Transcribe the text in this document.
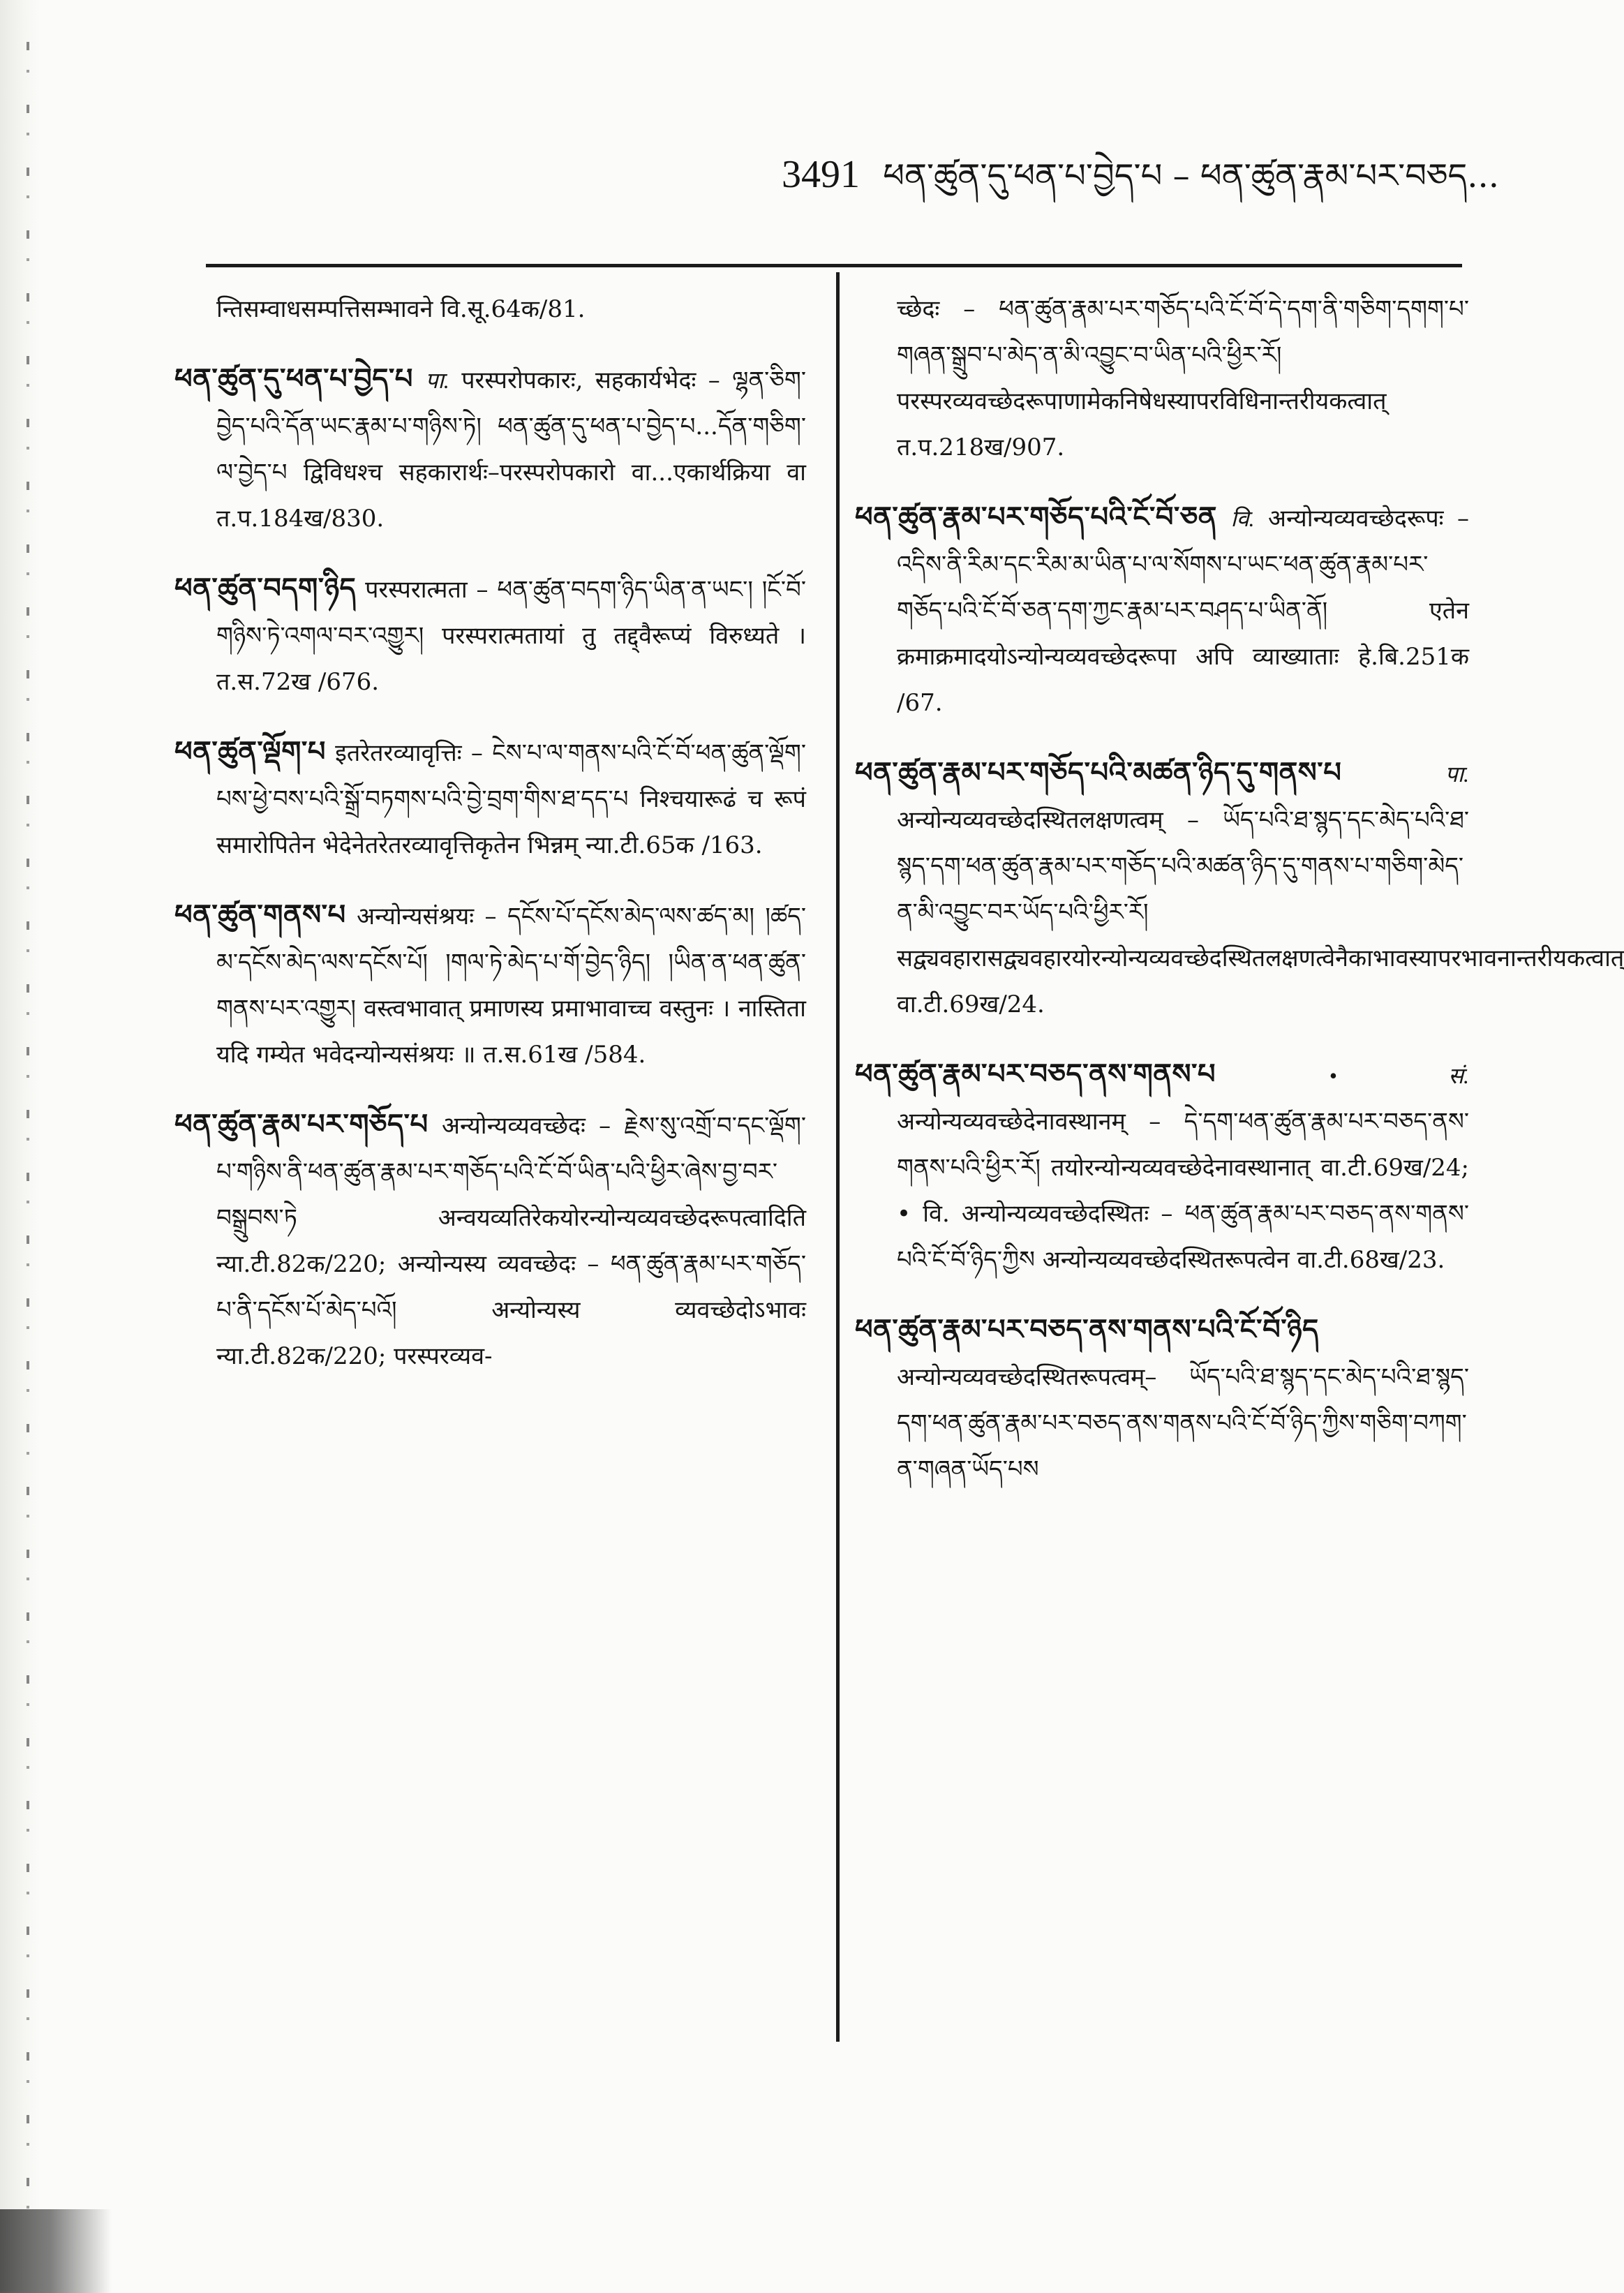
3491 ཕན་ཚུན་དུ་ཕན་པ་བྱེད་པ – ཕན་ཚུན་རྣམ་པར་བཅད...

न्तिसम्वाधसम्पत्तिसम्भावने वि.सू.64क/81.

ཕན་ཚུན་དུ་ཕན་པ་བྱེད་པ पा. परस्परोपकारः, सहकार्यभेदः – ལྷན་ཅིག་བྱེད་པའི་དོན་ཡང་རྣམ་པ་གཉིས་ཏེ། ཕན་ཚུན་དུ་ཕན་པ་བྱེད་པ...དོན་གཅིག་ལ་བྱེད་པ द्विविधश्च सहकारार्थः–परस्परोपकारो वा...एकार्थक्रिया वा त.प.184ख/830.

ཕན་ཚུན་བདག་ཉིད परस्परात्मता – ཕན་ཚུན་བདག་ཉིད་ཡིན་ན་ཡང་། །ངོ་བོ་གཉིས་ཏེ་འགལ་བར་འགྱུར། परस्परात्मतायां तु तद्द्वैरूप्यं विरुध्यते । त.स.72ख /676.

ཕན་ཚུན་ལྡོག་པ इतरेतरव्यावृत्तिः – ངེས་པ་ལ་གནས་པའི་ངོ་བོ་ཕན་ཚུན་ལྡོག་པས་ཕྱེ་བས་པའི་སྒྲོ་བཏགས་པའི་བྱེ་བྲག་གིས་ཐ་དད་པ निश्चयारूढं च रूपं समारोपितेन भेदेनेतरेतरव्यावृत्तिकृतेन भिन्नम् न्या.टी.65क /163.

ཕན་ཚུན་གནས་པ अन्योन्यसंश्रयः – དངོས་པོ་དངོས་མེད་ལས་ཚད་མ། །ཚད་མ་དངོས་མེད་ལས་དངོས་པོ། །གལ་ཏེ་མེད་པ་གོ་བྱེད་ཉིད། །ཡིན་ན་ཕན་ཚུན་གནས་པར་འགྱུར། वस्त्वभावात् प्रमाणस्य प्रमाभावाच्च वस्तुनः । नास्तिता यदि गम्येत भवेदन्योन्यसंश्रयः ॥ त.स.61ख /584.

ཕན་ཚུན་རྣམ་པར་གཅོད་པ अन्योन्यव्यवच्छेदः – རྗེས་སུ་འགྲོ་བ་དང་ལྡོག་པ་གཉིས་ནི་ཕན་ཚུན་རྣམ་པར་གཅོད་པའི་ངོ་བོ་ཡིན་པའི་ཕྱིར་ཞེས་བྱ་བར་བསྒྲུབས་ཏེ अन्वयव्यतिरेकयोरन्योन्यव्यवच्छेदरूपत्वादिति न्या.टी.82क/220; अन्योन्यस्य व्यवच्छेदः – ཕན་ཚུན་རྣམ་པར་གཅོད་པ་ནི་དངོས་པོ་མེད་པའོ། अन्योन्यस्य व्यवच्छेदोऽभावः न्या.टी.82क/220; परस्परव्यव-

च्छेदः – ཕན་ཚུན་རྣམ་པར་གཅོད་པའི་ངོ་བོ་དེ་དག་ནི་གཅིག་དགག་པ་གཞན་སྒྲུབ་པ་མེད་ན་མི་འབྱུང་བ་ཡིན་པའི་ཕྱིར་རོ། परस्परव्यवच्छेदरूपाणामेकनिषेधस्यापरविधिनान्तरीयकत्वात् त.प.218ख/907.

ཕན་ཚུན་རྣམ་པར་གཅོད་པའི་ངོ་བོ་ཅན वि. अन्योन्यव्यवच्छेदरूपः – འདིས་ནི་རིམ་དང་རིམ་མ་ཡིན་པ་ལ་སོགས་པ་ཡང་ཕན་ཚུན་རྣམ་པར་གཅོད་པའི་ངོ་བོ་ཅན་དག་ཀྱང་རྣམ་པར་བཤད་པ་ཡིན་ནོ། एतेन क्रमाक्रमादयोऽन्योन्यव्यवच्छेदरूपा अपि व्याख्याताः हे.बि.251क /67.

ཕན་ཚུན་རྣམ་པར་གཅོད་པའི་མཚན་ཉིད་དུ་གནས་པ	पा. अन्योन्यव्यवच्छेदस्थितलक्षणत्वम् – ཡོད་པའི་ཐ་སྙད་དང་མེད་པའི་ཐ་སྙད་དག་ཕན་ཚུན་རྣམ་པར་གཅོད་པའི་མཚན་ཉིད་དུ་གནས་པ་གཅིག་མེད་ན་མི་འབྱུང་བར་ཡོད་པའི་ཕྱིར་རོ། सद्व्यवहारासद्व्यवहारयोरन्योन्यव्यवच्छेदस्थितलक्षणत्वेनैकाभावस्यापरभावनान्तरीयकत्वात् वा.टी.69ख/24.

ཕན་ཚུན་རྣམ་པར་བཅད་ནས་གནས་པ	• सं. अन्योन्यव्यवच्छेदेनावस्थानम् – དེ་དག་ཕན་ཚུན་རྣམ་པར་བཅད་ནས་གནས་པའི་ཕྱིར་རོ། तयोरन्योन्यव्यवच्छेदेनावस्थानात् वा.टी.69ख/24; • वि. अन्योन्यव्यवच्छेदस्थितः – ཕན་ཚུན་རྣམ་པར་བཅད་ནས་གནས་པའི་ངོ་བོ་ཉིད་ཀྱིས अन्योन्यव्यवच्छेदस्थितरूपत्वेन वा.टी.68ख/23.

ཕན་ཚུན་རྣམ་པར་བཅད་ནས་གནས་པའི་ངོ་བོ་ཉིད अन्योन्यव्यवच्छेदस्थितरूपत्वम्– ཡོད་པའི་ཐ་སྙད་དང་མེད་པའི་ཐ་སྙད་དག་ཕན་ཚུན་རྣམ་པར་བཅད་ནས་གནས་པའི་ངོ་བོ་ཉིད་ཀྱིས་གཅིག་བཀག་ན་གཞན་ཡོད་པས
